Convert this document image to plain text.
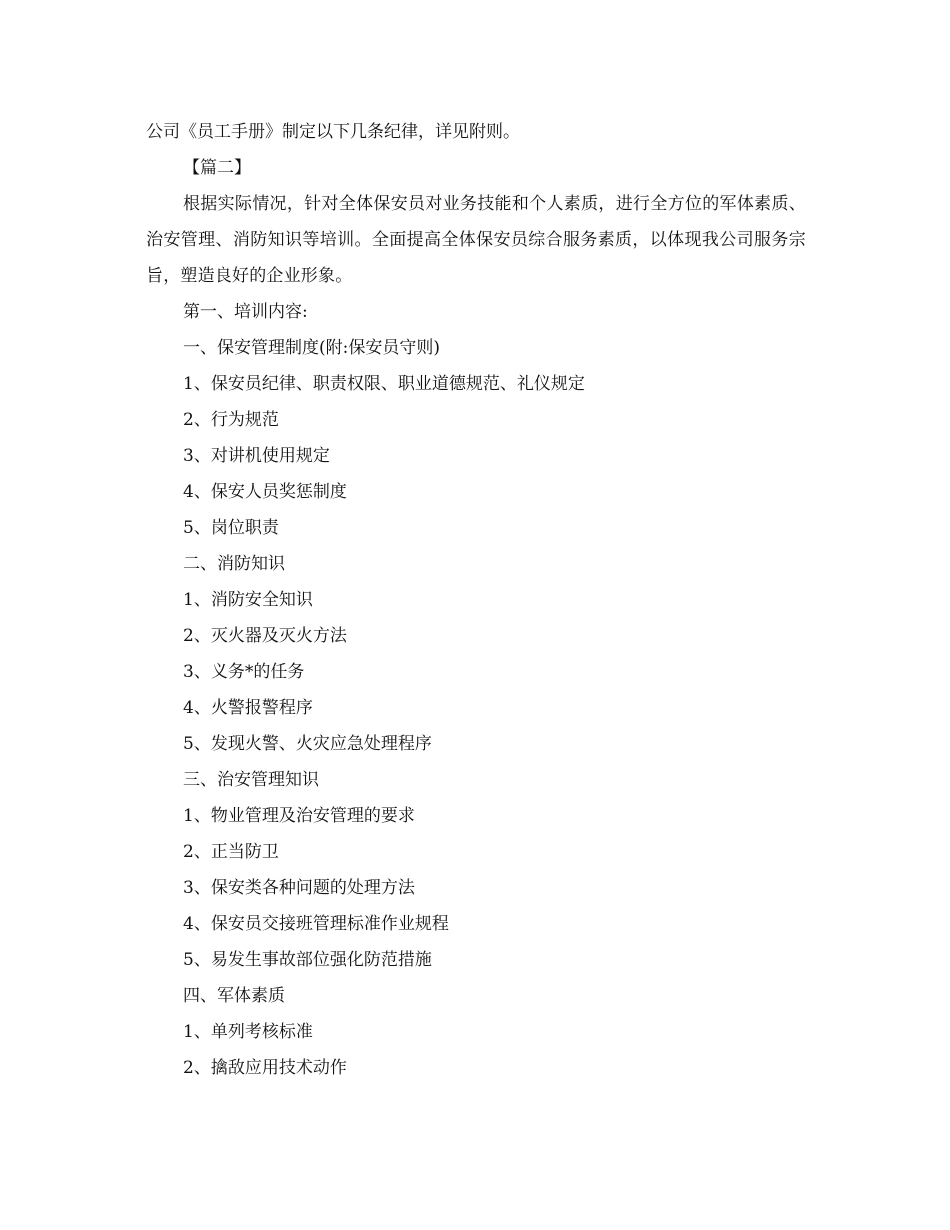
公司《员工手册》制定以下几条纪律，详见附则。

【篇二】

根据实际情况，针对全体保安员对业务技能和个人素质，进行全方位的军体素质、治安管理、消防知识等培训。全面提高全体保安员综合服务素质，以体现我公司服务宗旨，塑造良好的企业形象。

第一、培训内容:

一、保安管理制度(附:保安员守则)

1、保安员纪律、职责权限、职业道德规范、礼仪规定

2、行为规范

3、对讲机使用规定

4、保安人员奖惩制度

5、岗位职责

二、消防知识

1、消防安全知识

2、灭火器及灭火方法

3、义务*的任务

4、火警报警程序

5、发现火警、火灾应急处理程序

三、治安管理知识

1、物业管理及治安管理的要求

2、正当防卫

3、保安类各种问题的处理方法

4、保安员交接班管理标准作业规程

5、易发生事故部位强化防范措施

四、军体素质

1、单列考核标准

2、擒敌应用技术动作
